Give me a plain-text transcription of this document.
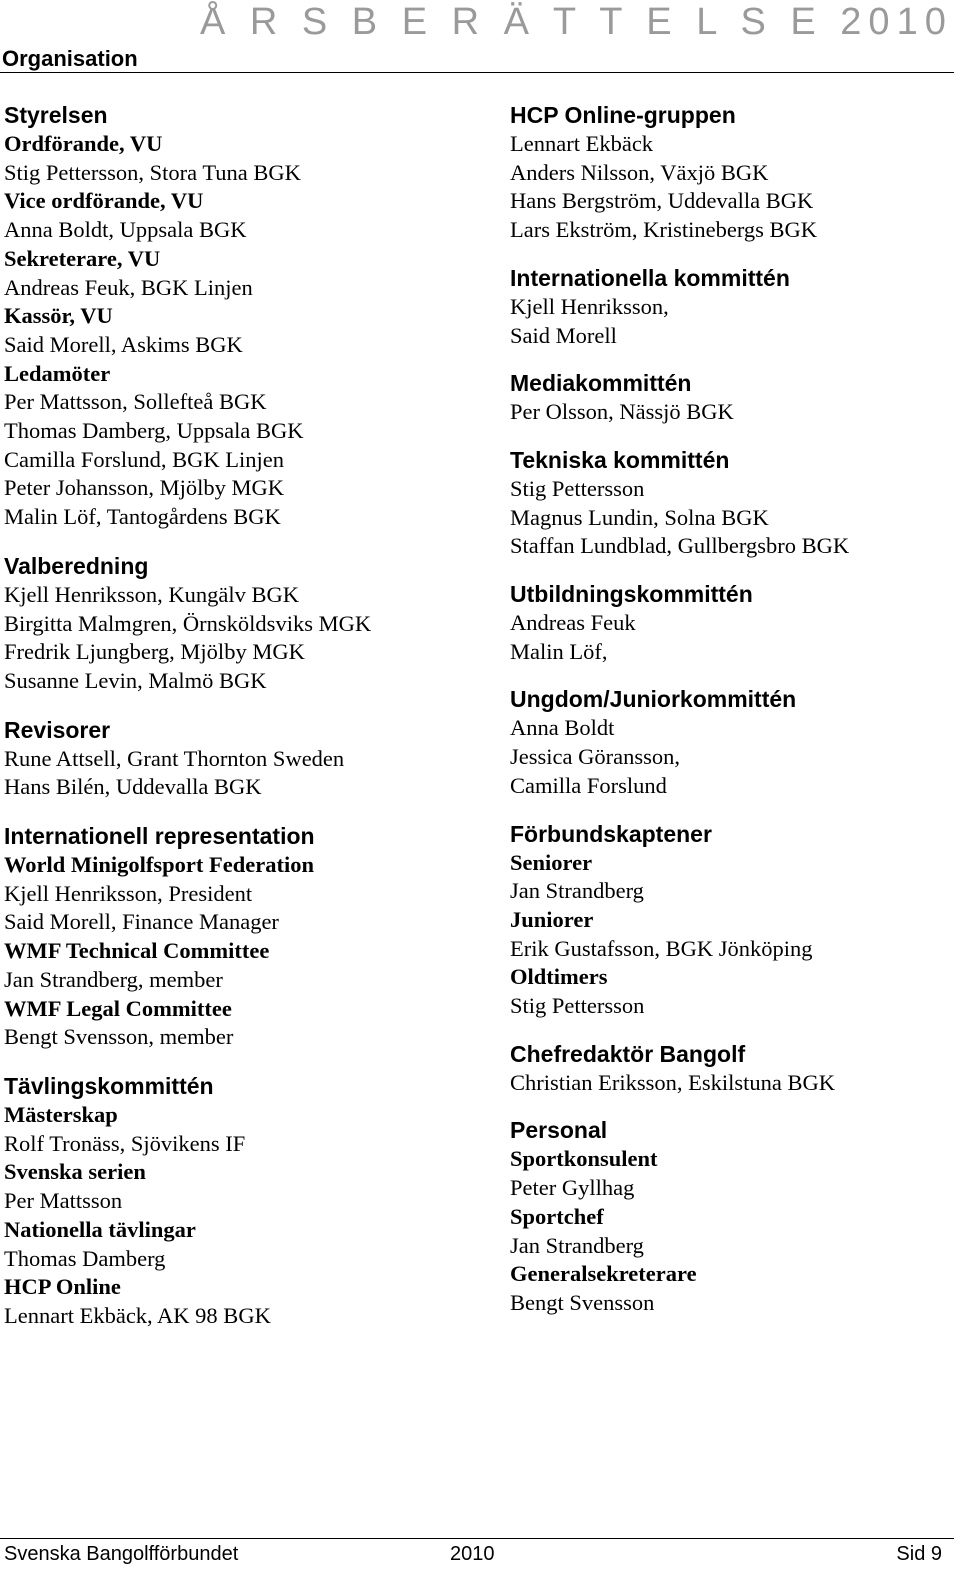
Å R S B E R Ä T T E L S E 2010
Organisation
Styrelsen
Ordförande, VU
Stig Pettersson, Stora Tuna BGK
Vice ordförande, VU
Anna Boldt, Uppsala BGK
Sekreterare, VU
Andreas Feuk, BGK Linjen
Kassör, VU
Said Morell, Askims BGK
Ledamöter
Per Mattsson, Sollefteå BGK
Thomas Damberg, Uppsala BGK
Camilla Forslund, BGK Linjen
Peter Johansson, Mjölby MGK
Malin Löf, Tantogårdens BGK
Valberedning
Kjell Henriksson, Kungälv BGK
Birgitta Malmgren, Örnsköldsviks MGK
Fredrik Ljungberg, Mjölby MGK
Susanne Levin, Malmö BGK
Revisorer
Rune Attsell, Grant Thornton Sweden
Hans Bilén, Uddevalla BGK
Internationell representation
World Minigolfsport Federation
Kjell Henriksson, President
Said Morell, Finance Manager
WMF Technical Committee
Jan Strandberg, member
WMF Legal Committee
Bengt Svensson, member
Tävlingskommittén
Mästerskap
Rolf Tronäss, Sjövikens IF
Svenska serien
Per Mattsson
Nationella tävlingar
Thomas Damberg
HCP Online
Lennart Ekbäck, AK 98 BGK
HCP Online-gruppen
Lennart Ekbäck
Anders Nilsson, Växjö BGK
Hans Bergström, Uddevalla BGK
Lars Ekström, Kristinebergs BGK
Internationella kommittén
Kjell Henriksson,
Said Morell
Mediakommittén
Per Olsson, Nässjö BGK
Tekniska kommittén
Stig Pettersson
Magnus Lundin, Solna BGK
Staffan Lundblad, Gullbergsbro BGK
Utbildningskommittén
Andreas Feuk
Malin Löf,
Ungdom/Juniorkommittén
Anna Boldt
Jessica Göransson,
Camilla Forslund
Förbundskaptener
Seniorer
Jan Strandberg
Juniorer
Erik Gustafsson, BGK Jönköping
Oldtimers
Stig Pettersson
Chefredaktör Bangolf
Christian Eriksson, Eskilstuna BGK
Personal
Sportkonsulent
Peter Gyllhag
Sportchef
Jan Strandberg
Generalsekreterare
Bengt Svensson
Svenska Bangolfförbundet	2010	Sid 9
